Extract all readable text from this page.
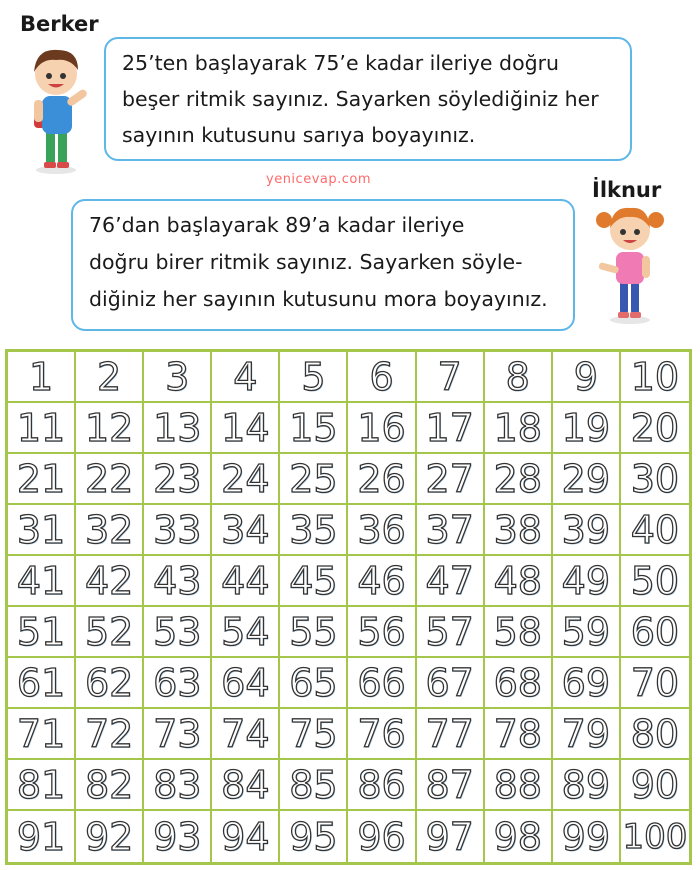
Berker

25’ten başlayarak 75’e kadar ileriye doğru

beşer ritmik sayınız. Sayarken söylediğiniz her

sayının kutusunu sarıya boyayınız.

yenicevap.com	İlknur

76’dan başlayarak 89’a kadar ileriye

doğru birer ritmik sayınız. Sayarken söyle-

diğiniz her sayının kutusunu mora boyayınız.

1	2	3	4	5	6	7	8	9 10
11 12 13 14 15 16 17 18 19 20
21 22 23 24 25 26 27 28 29 30
31 32 33 34 35 36 37 38 39 40
41 42 43 44 45 46 47 48 49 50
51 52 53 54 55 56 57 58 59 60
61 62 63 64 65 66 67 68 69 70
71 72 73 74 75 76 77 78 79 80
81 82 83 84 85 86 87 88 89 90
91 92 93 94 95 96 97 98 99 100
